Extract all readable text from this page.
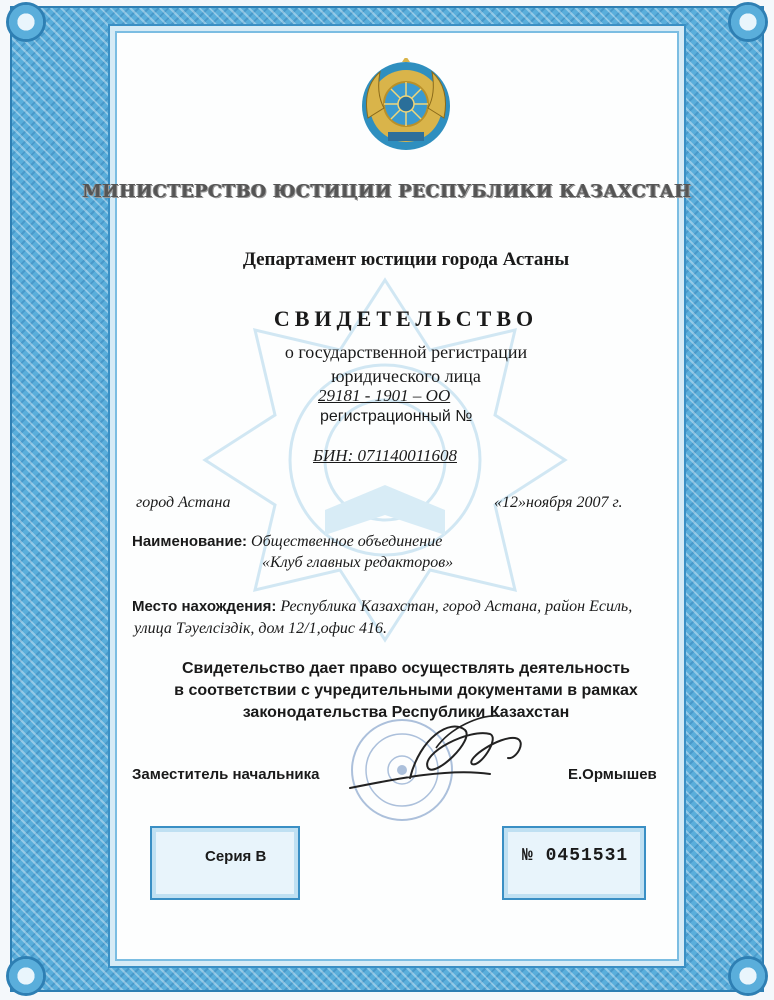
МИНИСТЕРСТВО ЮСТИЦИИ РЕСПУБЛИКИ КАЗАХСТАН
Департамент юстиции города Астаны
СВИДЕТЕЛЬСТВО
о государственной регистрации
юридического лица
29181 - 1901 – ОО
регистрационный №
БИН: 071140011608
город Астана	«12»ноября 2007 г.
Наименование: Общественное объединение
«Клуб главных редакторов»
Место нахождения: Республика Казахстан, город Астана, район Есиль,
улица Тәуелсіздік, дом 12/1,офис 416.
Свидетельство дает право осуществлять деятельность
в соответствии с учредительными документами в рамках
законодательства Республики Казахстан
Заместитель начальника	Е.Ормышев
Серия В	№ 0451531
